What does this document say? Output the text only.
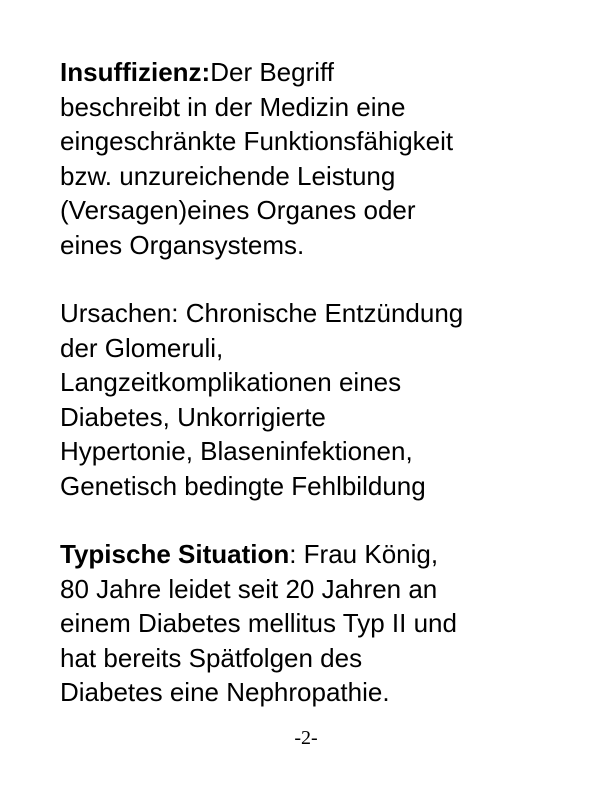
Insuffizienz:Der Begriff
beschreibt in der Medizin eine
eingeschränkte Funktionsfähigkeit
bzw. unzureichende Leistung
(Versagen)eines Organes oder
eines Organsystems.
Ursachen: Chronische Entzündung
der Glomeruli,
Langzeitkomplikationen eines
Diabetes, Unkorrigierte
Hypertonie, Blaseninfektionen,
Genetisch bedingte Fehlbildung
Typische Situation: Frau König,
80 Jahre leidet seit 20 Jahren an
einem Diabetes mellitus Typ II und
hat bereits Spätfolgen des
Diabetes eine Nephropathie.
-2-
